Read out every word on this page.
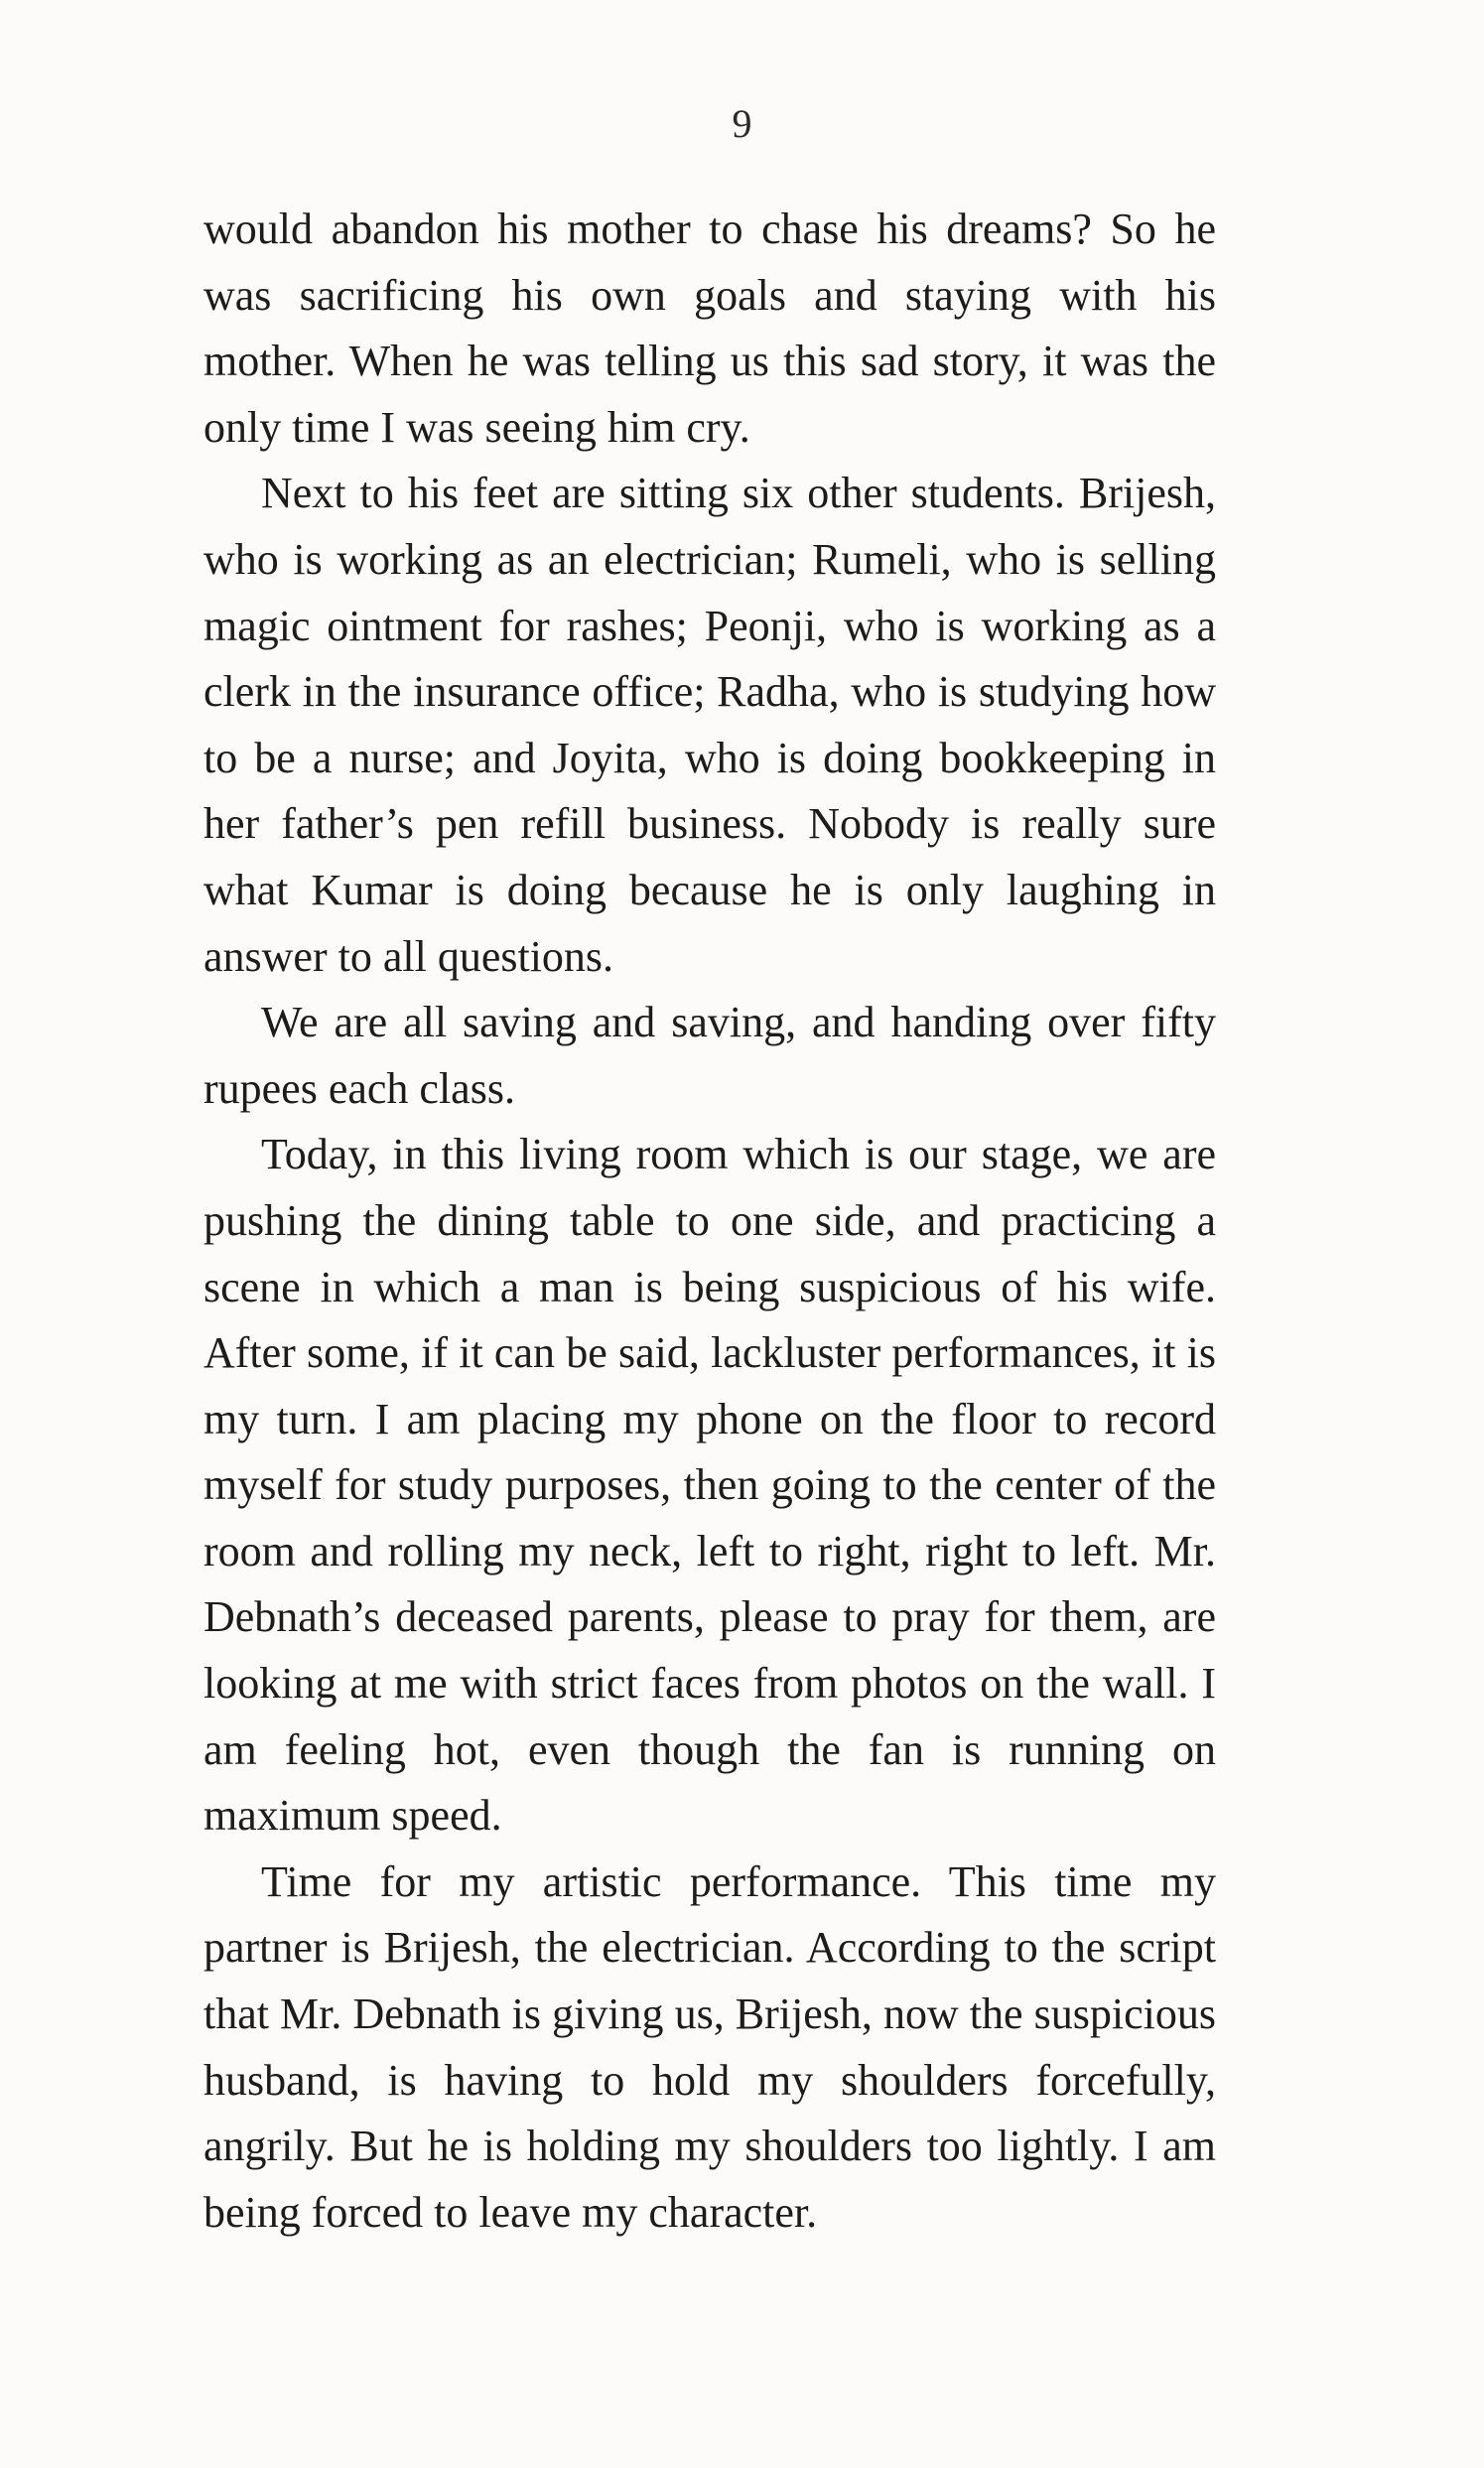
9

would abandon his mother to chase his dreams? So he was sacrificing his own goals and staying with his mother. When he was telling us this sad story, it was the only time I was seeing him cry.

Next to his feet are sitting six other students. Brijesh, who is working as an electrician; Rumeli, who is selling magic ointment for rashes; Peonji, who is working as a clerk in the insurance office; Radha, who is studying how to be a nurse; and Joyita, who is doing bookkeeping in her father’s pen refill business. Nobody is really sure what Kumar is doing because he is only laughing in answer to all questions.

We are all saving and saving, and handing over fifty rupees each class.

Today, in this living room which is our stage, we are pushing the dining table to one side, and practicing a scene in which a man is being suspicious of his wife. After some, if it can be said, lackluster performances, it is my turn. I am placing my phone on the floor to record myself for study purposes, then going to the center of the room and rolling my neck, left to right, right to left. Mr. Debnath’s deceased parents, please to pray for them, are looking at me with strict faces from photos on the wall. I am feeling hot, even though the fan is running on maximum speed.

Time for my artistic performance. This time my partner is Brijesh, the electrician. According to the script that Mr. Debnath is giving us, Brijesh, now the suspicious husband, is having to hold my shoulders forcefully, angrily. But he is holding my shoulders too lightly. I am being forced to leave my character.
